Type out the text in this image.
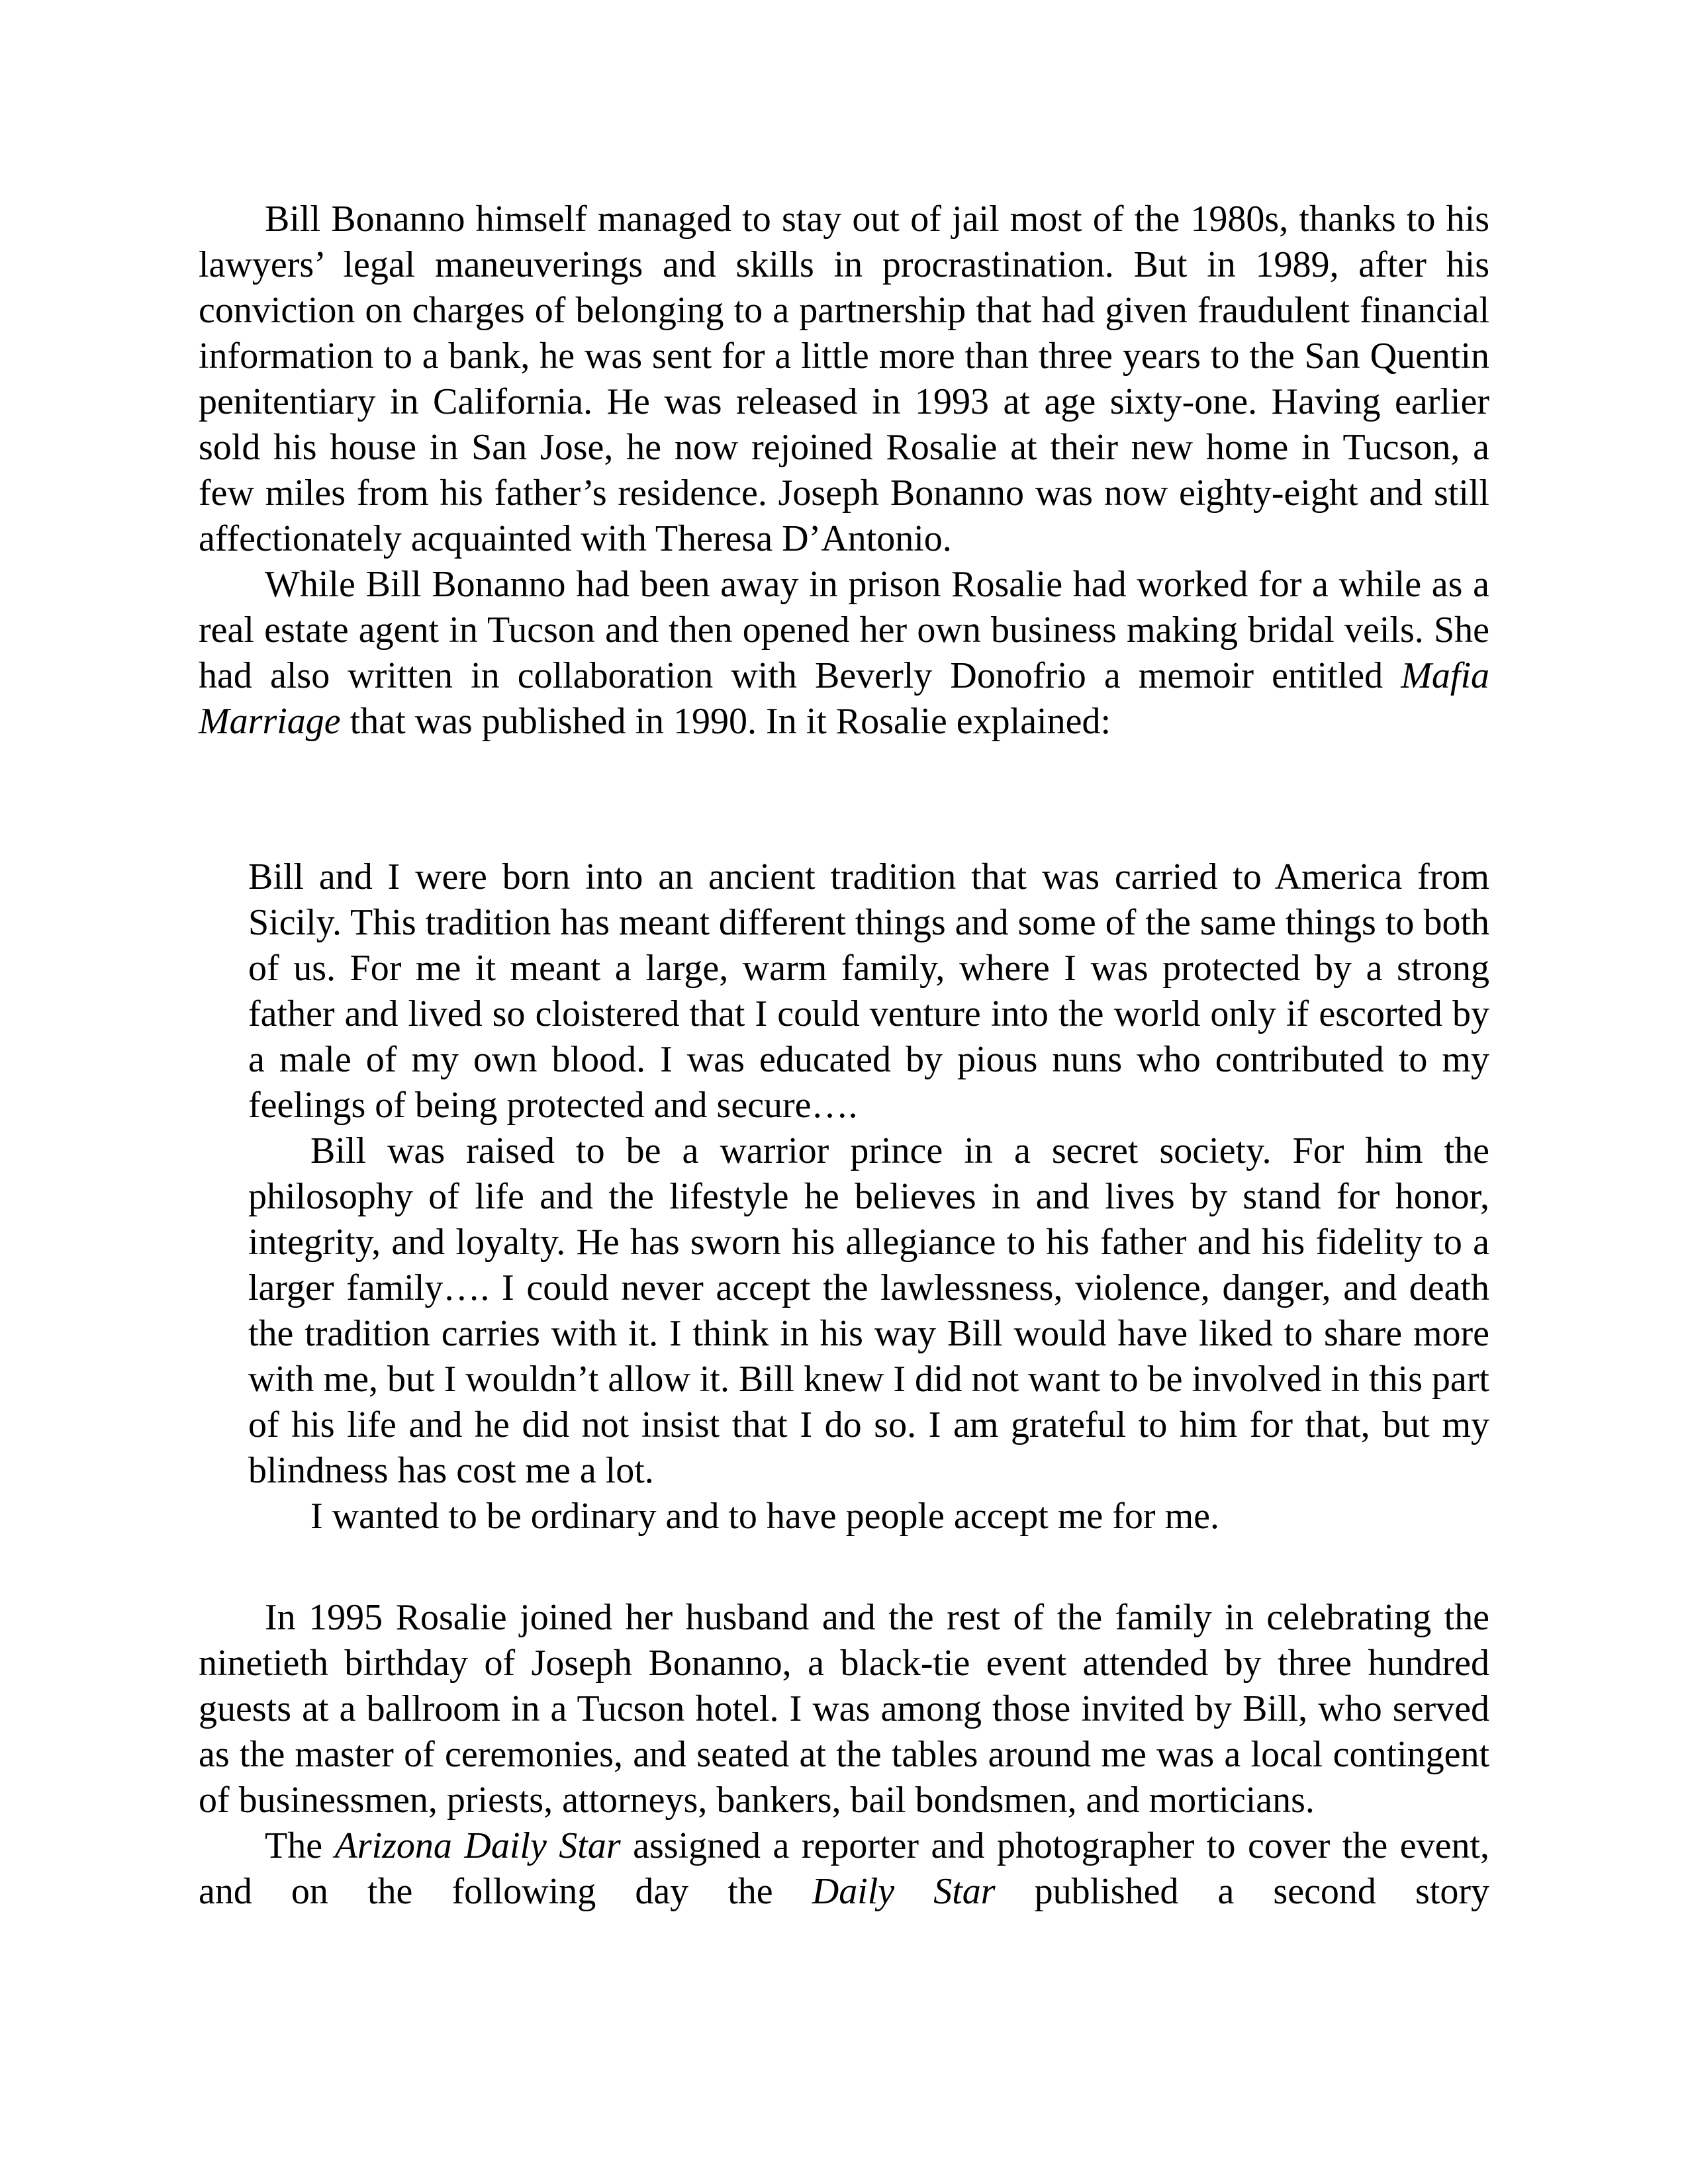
Bill Bonanno himself managed to stay out of jail most of the 1980s, thanks to his lawyers’ legal maneuverings and skills in procrastination. But in 1989, after his conviction on charges of belonging to a partnership that had given fraudulent financial information to a bank, he was sent for a little more than three years to the San Quentin penitentiary in California. He was released in 1993 at age sixty-one. Having earlier sold his house in San Jose, he now rejoined Rosalie at their new home in Tucson, a few miles from his father’s residence. Joseph Bonanno was now eighty-eight and still affectionately acquainted with Theresa D’Antonio.

While Bill Bonanno had been away in prison Rosalie had worked for a while as a real estate agent in Tucson and then opened her own business making bridal veils. She had also written in collaboration with Beverly Donofrio a memoir entitled Mafia Marriage that was published in 1990. In it Rosalie explained:

Bill and I were born into an ancient tradition that was carried to America from Sicily. This tradition has meant different things and some of the same things to both of us. For me it meant a large, warm family, where I was protected by a strong father and lived so cloistered that I could venture into the world only if escorted by a male of my own blood. I was educated by pious nuns who contributed to my feelings of being protected and secure….

Bill was raised to be a warrior prince in a secret society. For him the philosophy of life and the lifestyle he believes in and lives by stand for honor, integrity, and loyalty. He has sworn his allegiance to his father and his fidelity to a larger family…. I could never accept the lawlessness, violence, danger, and death the tradition carries with it. I think in his way Bill would have liked to share more with me, but I wouldn’t allow it. Bill knew I did not want to be involved in this part of his life and he did not insist that I do so. I am grateful to him for that, but my blindness has cost me a lot.

I wanted to be ordinary and to have people accept me for me.

In 1995 Rosalie joined her husband and the rest of the family in celebrating the ninetieth birthday of Joseph Bonanno, a black-tie event attended by three hundred guests at a ballroom in a Tucson hotel. I was among those invited by Bill, who served as the master of ceremonies, and seated at the tables around me was a local contingent of businessmen, priests, attorneys, bankers, bail bondsmen, and morticians.

The Arizona Daily Star assigned a reporter and photographer to cover the event, and on the following day the Daily Star published a second story
